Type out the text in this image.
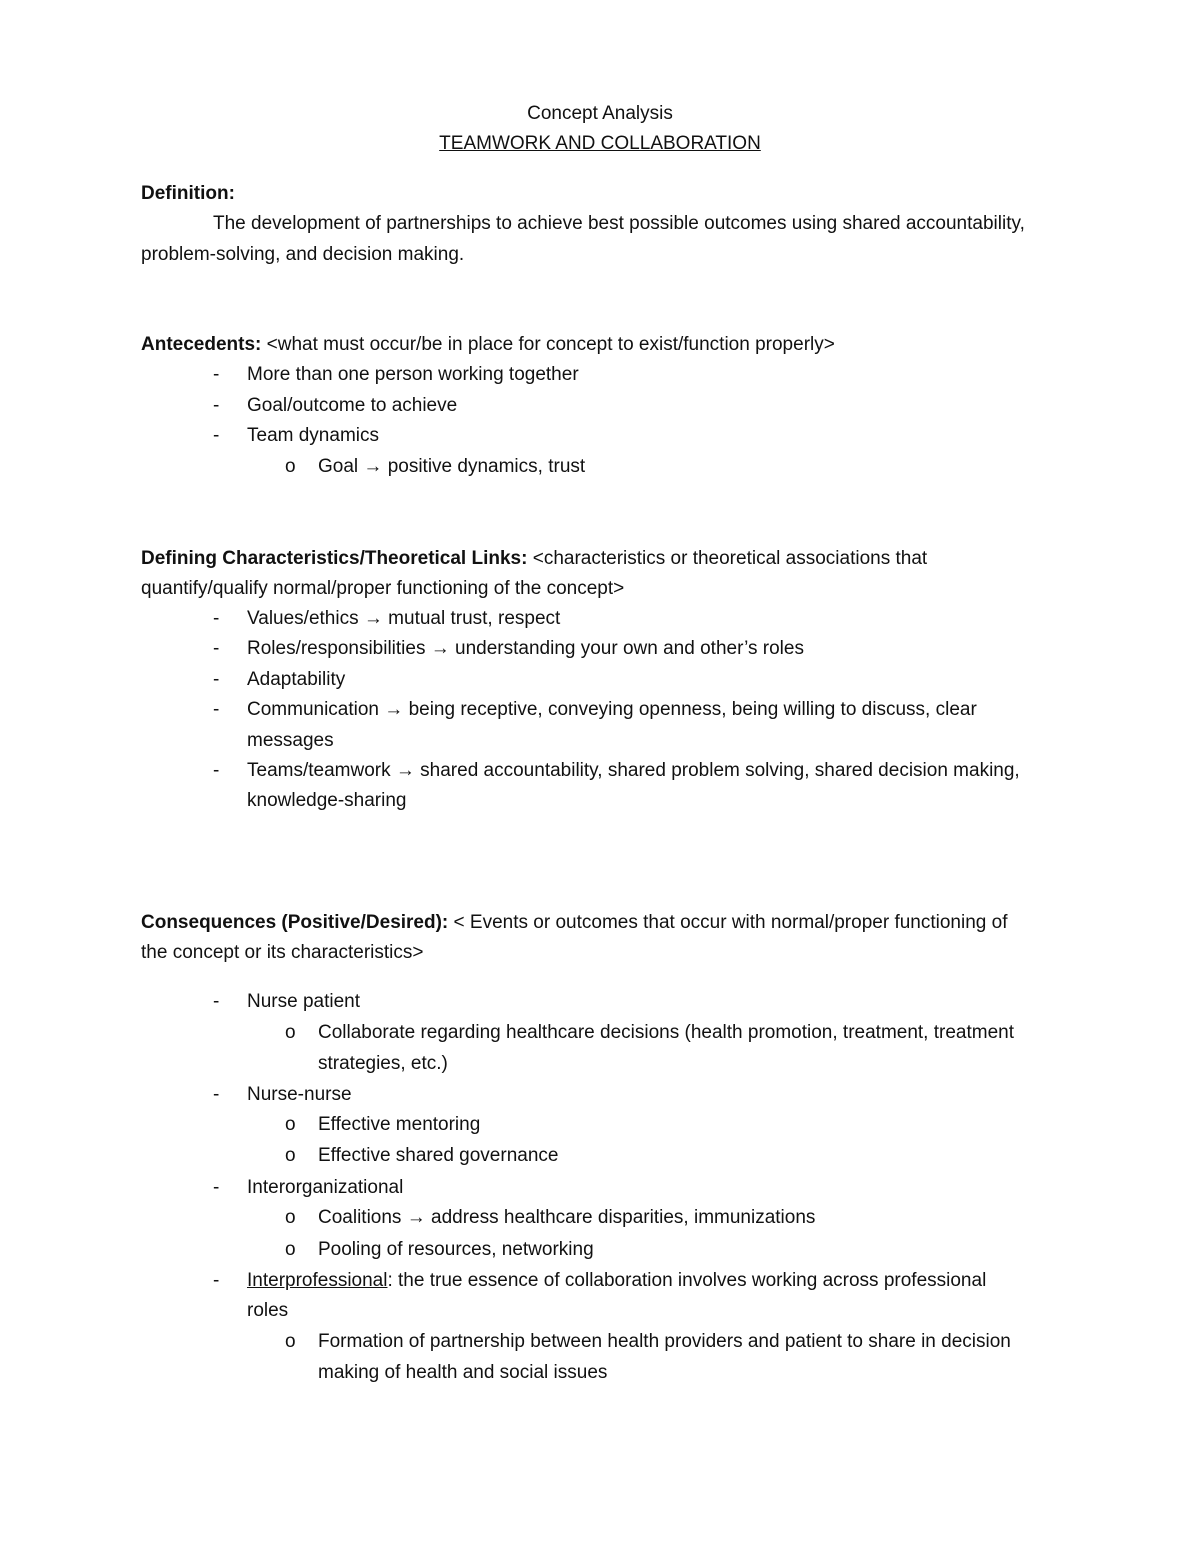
Concept Analysis
TEAMWORK AND COLLABORATION
Definition:
The development of partnerships to achieve best possible outcomes using shared accountability,
problem-solving, and decision making.
Antecedents: <what must occur/be in place for concept to exist/function properly>
- More than one person working together
- Goal/outcome to achieve
- Team dynamics
o Goal → positive dynamics, trust
Defining Characteristics/Theoretical Links: <characteristics or theoretical associations that
quantify/qualify normal/proper functioning of the concept>
- Values/ethics → mutual trust, respect
- Roles/responsibilities → understanding your own and other’s roles
- Adaptability
- Communication → being receptive, conveying openness, being willing to discuss, clear
messages
- Teams/teamwork → shared accountability, shared problem solving, shared decision making,
knowledge-sharing
Consequences (Positive/Desired): < Events or outcomes that occur with normal/proper functioning of
the concept or its characteristics>
- Nurse patient
o Collaborate regarding healthcare decisions (health promotion, treatment, treatment
strategies, etc.)
- Nurse-nurse
o Effective mentoring
o Effective shared governance
- Interorganizational
o Coalitions → address healthcare disparities, immunizations
o Pooling of resources, networking
- Interprofessional: the true essence of collaboration involves working across professional
roles
o Formation of partnership between health providers and patient to share in decision
making of health and social issues
